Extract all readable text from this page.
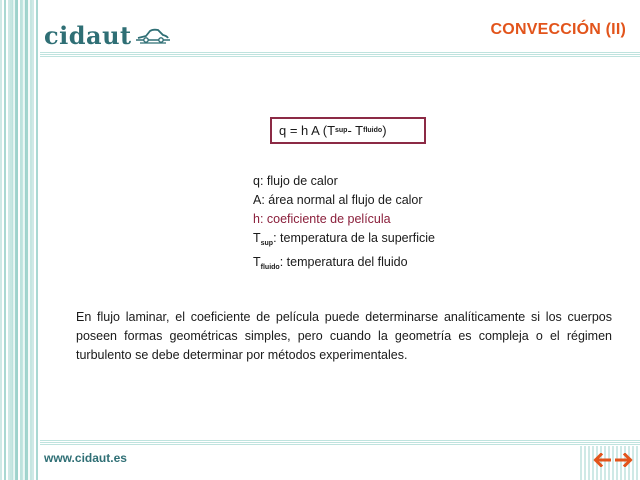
cidaut	CONVECCIÓN (II)
q = h A (T sup - T fluido )
q: flujo de calor
A: área normal al flujo de calor
h: coeficiente de película
$T_{sup}$: temperatura de la superficie
$T_{fluido}$: temperatura del fluido
En flujo laminar, el coeficiente de película puede determinarse analíticamente si los cuerpos poseen formas geométricas simples, pero cuando la geometría es compleja o el régimen turbulento se debe determinar por métodos experimentales.
www.cidaut.es
